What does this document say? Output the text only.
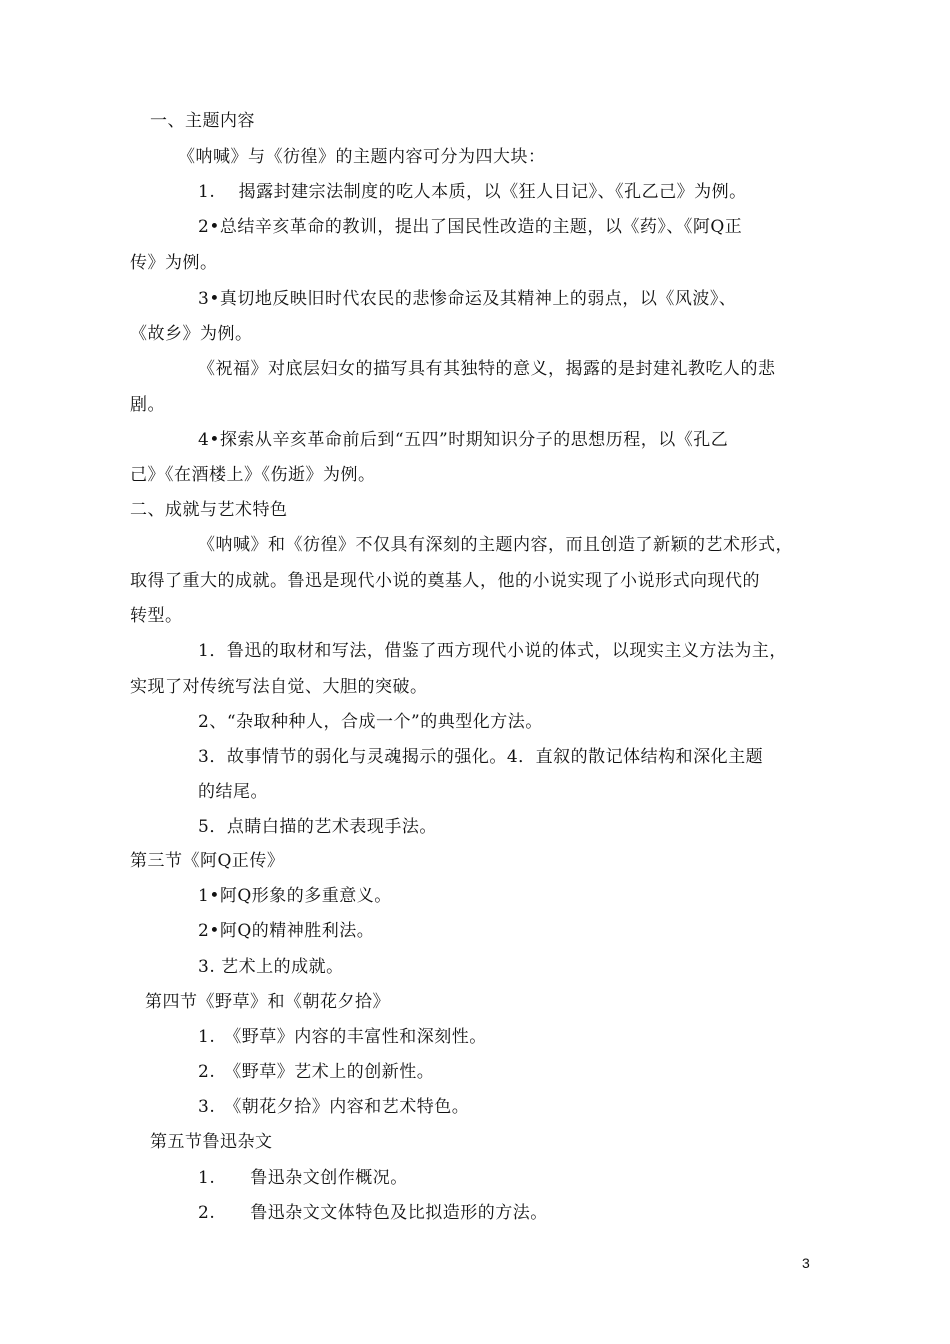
一、主题内容
《呐喊》与《彷徨》的主题内容可分为四大块：
1.　 揭露封建宗法制度的吃人本质，以《狂人日记》、《孔乙己》为例。
2•总结辛亥革命的教训，提出了国民性改造的主题，以《药》、《阿Q正
传》为例。
3•真切地反映旧时代农民的悲惨命运及其精神上的弱点，以《风波》、
《故乡》为例。
《祝福》对底层妇女的描写具有其独特的意义，揭露的是封建礼教吃人的悲
剧。
4•探索从辛亥革命前后到“五四”时期知识分子的思想历程，以《孔乙
己》《在酒楼上》《伤逝》为例。
二、成就与艺术特色
《呐喊》和《彷徨》不仅具有深刻的主题内容，而且创造了新颖的艺术形式，
取得了重大的成就。鲁迅是现代小说的奠基人，他的小说实现了小说形式向现代的
转型。
1．鲁迅的取材和写法，借鉴了西方现代小说的体式，以现实主义方法为主，
实现了对传统写法自觉、大胆的突破。
2、“杂取种种人，合成一个”的典型化方法。
3．故事情节的弱化与灵魂揭示的强化。4．直叙的散记体结构和深化主题
的结尾。
5．点睛白描的艺术表现手法。
第三节《阿Q正传》
1•阿Q形象的多重意义。
2•阿Q的精神胜利法。
3. 艺术上的成就。
第四节《野草》和《朝花夕拾》
1.　《野草》内容的丰富性和深刻性。
2.　《野草》艺术上的创新性。
3.　《朝花夕拾》内容和艺术特色。
第五节鲁迅杂文
1.　　鲁迅杂文创作概况。
2.　　鲁迅杂文文体特色及比拟造形的方法。
3
